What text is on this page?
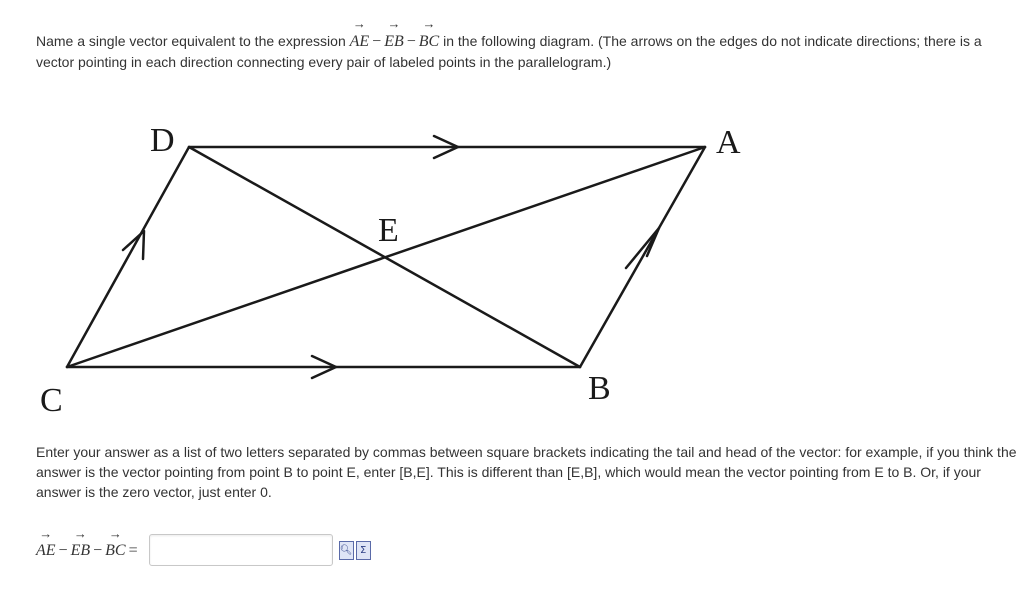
Name a single vector equivalent to the expression
→
AE −
→
EB −
→
BC in the following diagram. (The arrows on the edges do not indicate directions; there is a vector pointing in each direction connecting every pair of labeled points in the parallelogram.)
D	A
E
C	B
Enter your answer as a list of two letters separated by commas between square brackets indicating the tail and head of the vector: for example, if you think the answer is the vector pointing from point B to point E, enter [B,E]. This is different than [E,B], which would mean the vector pointing from E to B. Or, if your answer is the zero vector, just enter 0.
→
AE −
→
EB −
→
BC =	🔍︎ Σ
